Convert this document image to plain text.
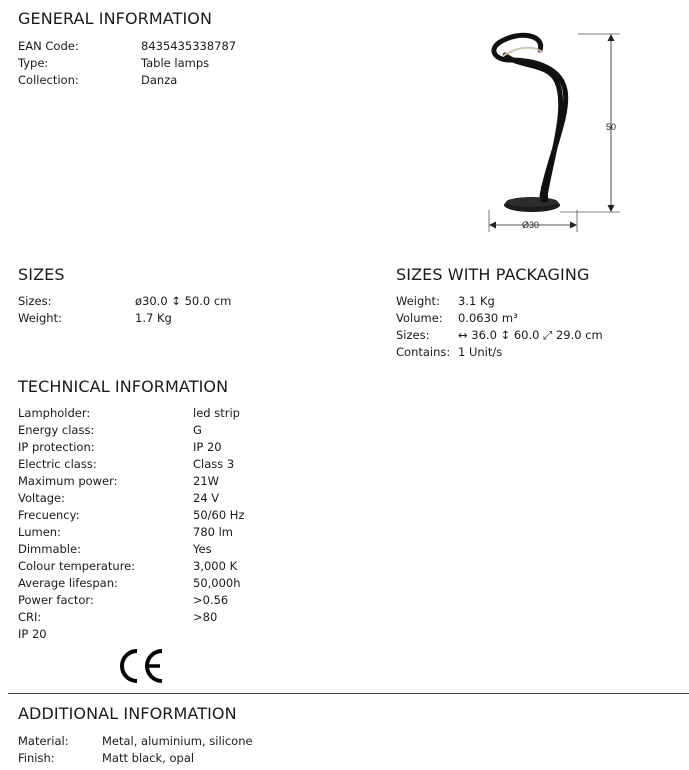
GENERAL INFORMATION
EAN Code:	8435435338787
Type:	Table lamps
Collection:	Danza
50
Ø30
SIZES
Sizes:	ø30.0 ↕ 50.0 cm
Weight:	1.7 Kg
SIZES WITH PACKAGING
Weight: 3.1 Kg
Volume: 0.0630 m³
Sizes: ↔ 36.0 ↕ 60.0 ⤢ 29.0 cm
Contains: 1 Unit/s
TECHNICAL INFORMATION
Lampholder:	led strip
Energy class:	G
IP protection:	IP 20
Electric class:	Class 3
Maximum power:	21W
Voltage:	24 V
Frecuency:	50/60 Hz
Lumen:	780 lm
Dimmable:	Yes
Colour temperature:	3,000 K
Average lifespan:	50,000h
Power factor:	>0.56
CRI:	>80
IP 20
ADDITIONAL INFORMATION
Material:	Metal, aluminium, silicone
Finish:	Matt black, opal
